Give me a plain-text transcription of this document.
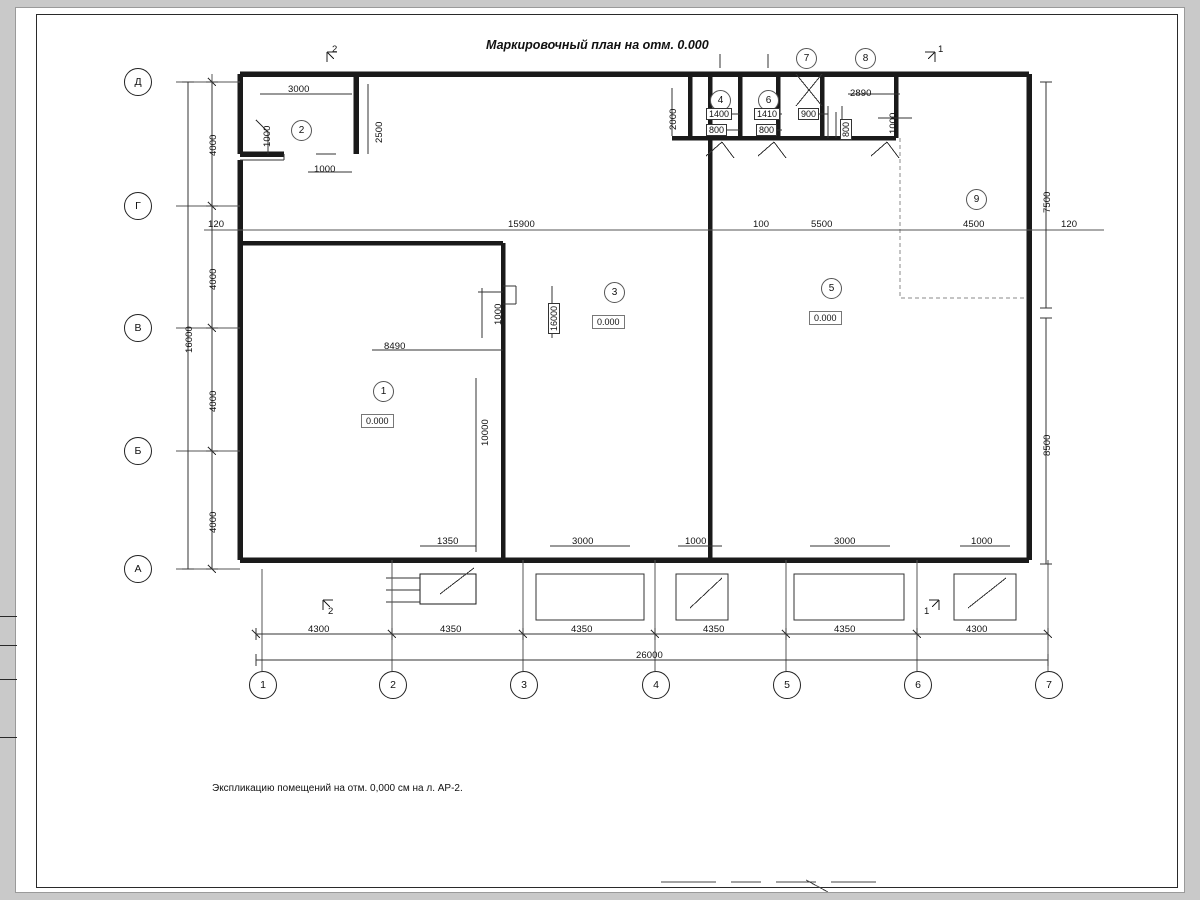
Маркировочный план на отм. 0.000
Экспликацию помещений на отм. 0,000 см на л. АР-2.
Д
Г
В
Б
А
1	2	3	4	5	6	7
2	1
2	1
1
0.000
2
3
0.000
4
5
0.000
6
7	8
9
4300	4350	4350	4350	4350	4300
26000
4000
4000
4000
4000
16000
7500
8500
120	15900	100	5500	4500	120
3000
2500
1000
1000
2000	1400
800
1410
800
900
800
2890
1000
8490
10000
1000	16000
1350	3000	1000	3000	1000
